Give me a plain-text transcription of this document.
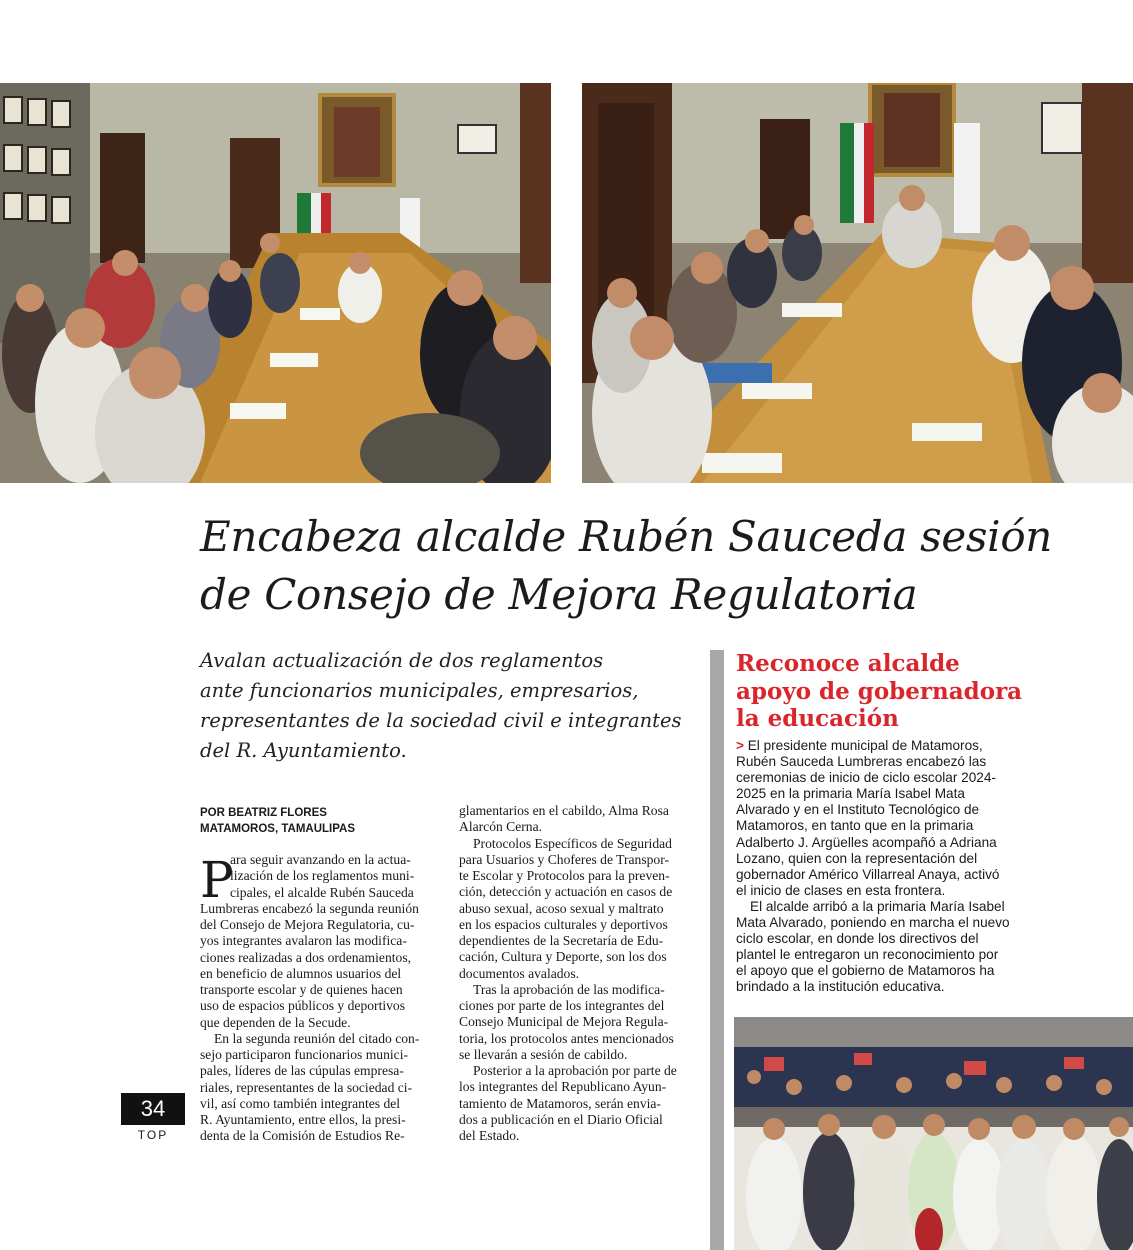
Encabeza alcalde Rubén Sauceda sesión
de Consejo de Mejora Regulatoria
Avalan actualización de dos reglamentos
ante funcionarios municipales, empresarios,
representantes de la sociedad civil e integrantes
del R. Ayuntamiento.
POR BEATRIZ FLORES
MATAMOROS, TAMAULIPAS
P
ara seguir avanzando en la actua-
lización de los reglamentos muni-
cipales, el alcalde Rubén Sauceda
Lumbreras encabezó la segunda reunión
del Consejo de Mejora Regulatoria, cu-
yos integrantes avalaron las modifica-
ciones realizadas a dos ordenamientos,
en beneficio de alumnos usuarios del
transporte escolar y de quienes hacen
uso de espacios públicos y deportivos
que dependen de la Secude.
En la segunda reunión del citado con-
sejo participaron funcionarios munici-
pales, líderes de las cúpulas empresa-
riales, representantes de la sociedad ci-
vil, así como también integrantes del
R. Ayuntamiento, entre ellos, la presi-
denta de la Comisión de Estudios Re-
glamentarios en el cabildo, Alma Rosa
Alarcón Cerna.
Protocolos Específicos de Seguridad
para Usuarios y Choferes de Transpor-
te Escolar y Protocolos para la preven-
ción, detección y actuación en casos de
abuso sexual, acoso sexual y maltrato
en los espacios culturales y deportivos
dependientes de la Secretaría de Edu-
cación, Cultura y Deporte, son los dos
documentos avalados.
Tras la aprobación de las modifica-
ciones por parte de los integrantes del
Consejo Municipal de Mejora Regula-
toria, los protocolos antes mencionados
se llevarán a sesión de cabildo.
Posterior a la aprobación por parte de
los integrantes del Republicano Ayun-
tamiento de Matamoros, serán envia-
dos a publicación en el Diario Oficial
del Estado.
34
TOP
Reconoce alcalde
apoyo de gobernadora
la educación
> El presidente municipal de Matamoros,
Rubén Sauceda Lumbreras encabezó las
ceremonias de inicio de ciclo escolar 2024-
2025 en la primaria María Isabel Mata
Alvarado y en el Instituto Tecnológico de
Matamoros, en tanto que en la primaria
Adalberto J. Argüelles acompañó a Adriana
Lozano, quien con la representación del
gobernador Américo Villarreal Anaya, activó
el inicio de clases en esta frontera.
El alcalde arribó a la primaria María Isabel
Mata Alvarado, poniendo en marcha el nuevo
ciclo escolar, en donde los directivos del
plantel le entregaron un reconocimiento por
el apoyo que el gobierno de Matamoros ha
brindado a la institución educativa.
